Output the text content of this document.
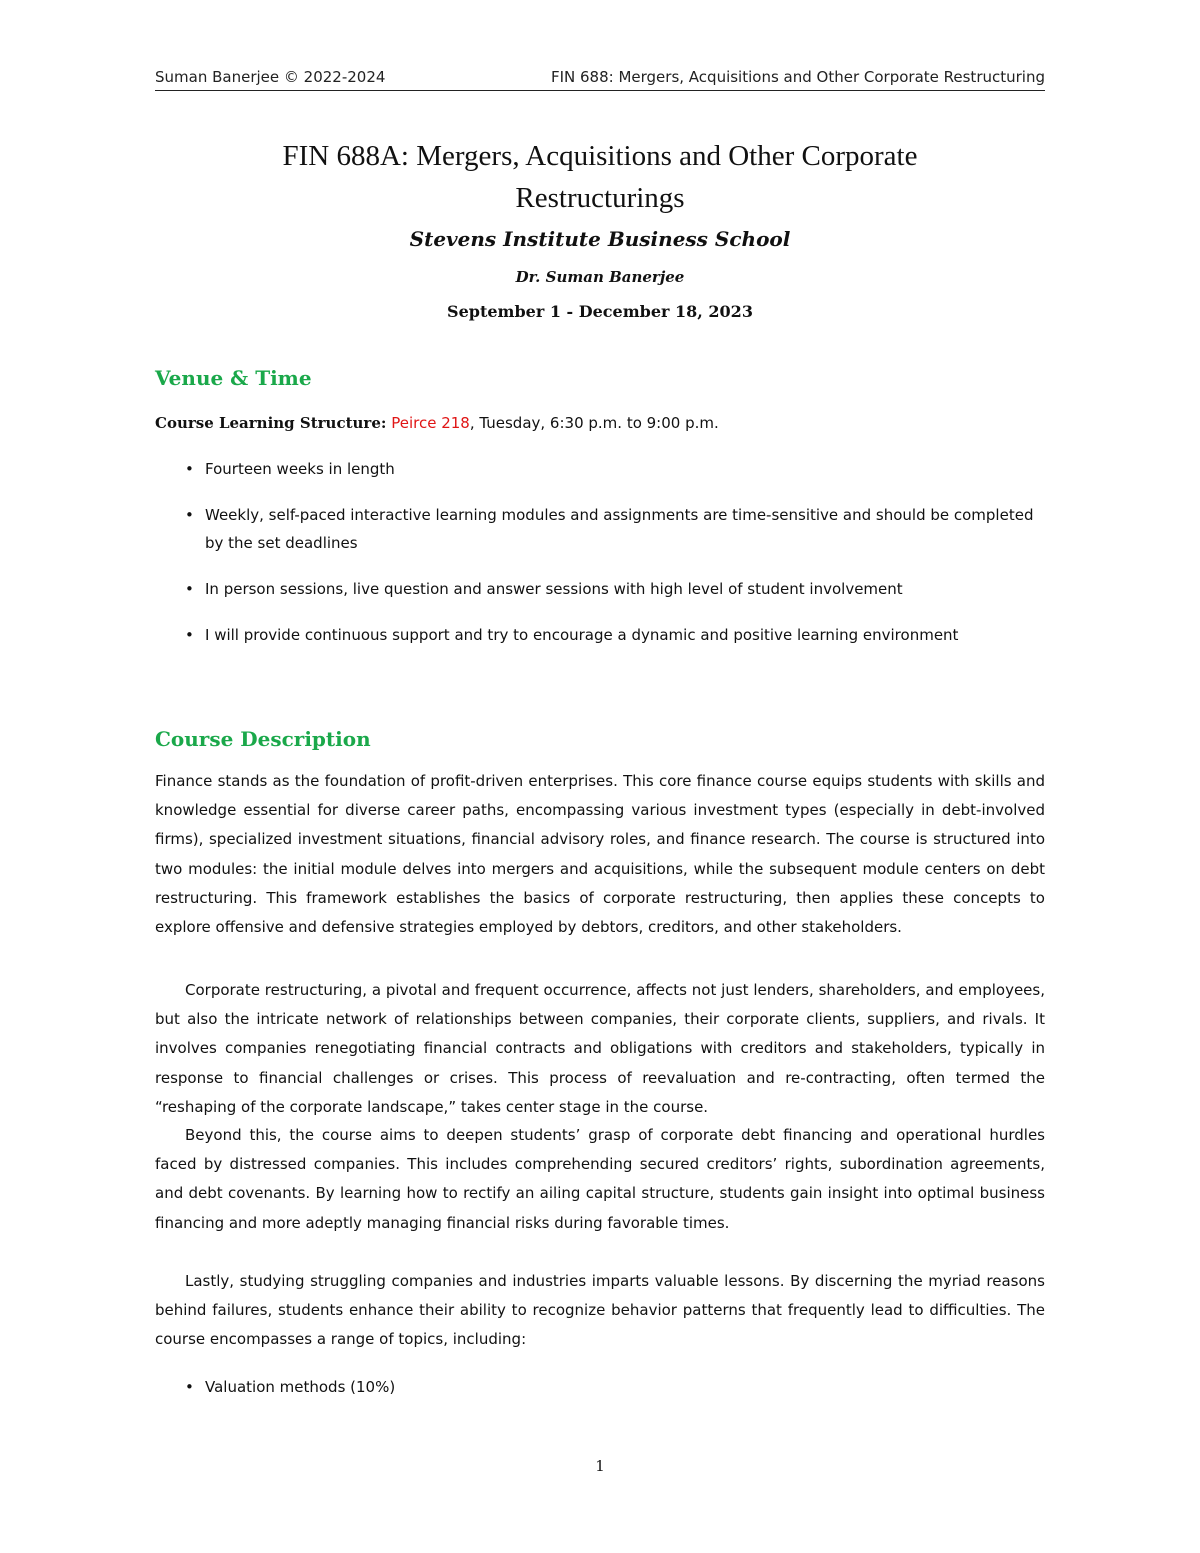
Suman Banerjee © 2022-2024	FIN 688: Mergers, Acquisitions and Other Corporate Restructuring
FIN 688A: Mergers, Acquisitions and Other Corporate
Restructurings
Stevens Institute Business School
Dr. Suman Banerjee
September 1 - December 18, 2023
Venue & Time
Course Learning Structure: Peirce 218, Tuesday, 6:30 p.m. to 9:00 p.m.
• Fourteen weeks in length
• Weekly, self-paced interactive learning modules and assignments are time-sensitive and should be completed by the set deadlines
• In person sessions, live question and answer sessions with high level of student involvement
• I will provide continuous support and try to encourage a dynamic and positive learning environment
Course Description

Finance stands as the foundation of profit-driven enterprises. This core finance course equips students with skills and knowledge essential for diverse career paths, encompassing various investment types (especially in debt-involved firms), specialized investment situations, financial advisory roles, and finance research. The course is structured into two modules: the initial module delves into mergers and acquisitions, while the subsequent module centers on debt restructuring. This framework establishes the basics of corporate restructuring, then applies these concepts to explore offensive and defensive strategies employed by debtors, creditors, and other stakeholders.

Corporate restructuring, a pivotal and frequent occurrence, affects not just lenders, shareholders, and employees, but also the intricate network of relationships between companies, their corporate clients, suppliers, and rivals. It involves companies renegotiating financial contracts and obligations with creditors and stakeholders, typically in response to financial challenges or crises. This process of reevaluation and re-contracting, often termed the “reshaping of the corporate landscape,” takes center stage in the course.

Beyond this, the course aims to deepen students’ grasp of corporate debt financing and operational hurdles faced by distressed companies. This includes comprehending secured creditors’ rights, subordination agreements, and debt covenants. By learning how to rectify an ailing capital structure, students gain insight into optimal business financing and more adeptly managing financial risks during favorable times.

Lastly, studying struggling companies and industries imparts valuable lessons. By discerning the myriad reasons behind failures, students enhance their ability to recognize behavior patterns that frequently lead to difficulties. The course encompasses a range of topics, including:

• Valuation methods (10%)
1
